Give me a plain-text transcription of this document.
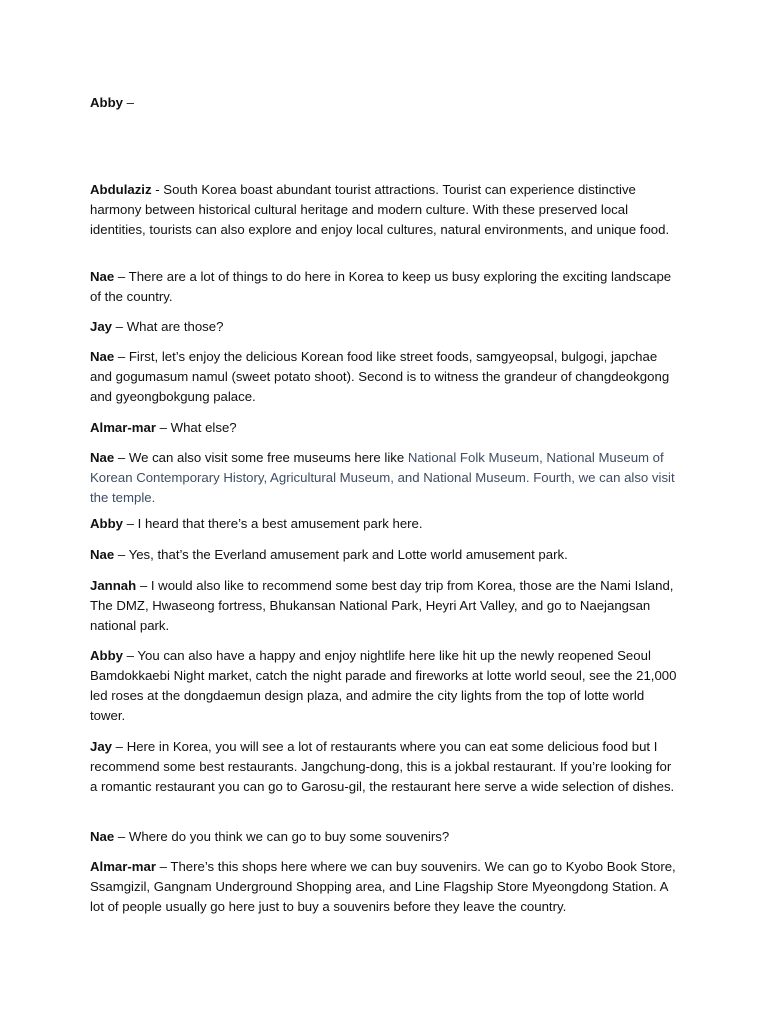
Abby –

Abdulaziz - South Korea boast abundant tourist attractions. Tourist can experience distinctive harmony between historical cultural heritage and modern culture. With these preserved local identities, tourists can also explore and enjoy local cultures, natural environments, and unique food.

Nae – There are a lot of things to do here in Korea to keep us busy exploring the exciting landscape of the country.

Jay – What are those?

Nae – First, let’s enjoy the delicious Korean food like street foods, samgyeopsal, bulgogi, japchae and gogumasum namul (sweet potato shoot). Second is to witness the grandeur of changdeokgong and gyeongbokgung palace.

Almar-mar – What else?

Nae – We can also visit some free museums here like National Folk Museum, National Museum of Korean Contemporary History, Agricultural Museum, and National Museum. Fourth, we can also visit the temple.

Abby – I heard that there’s a best amusement park here.

Nae – Yes, that’s the Everland amusement park and Lotte world amusement park.

Jannah – I would also like to recommend some best day trip from Korea, those are the Nami Island, The DMZ, Hwaseong fortress, Bhukansan National Park, Heyri Art Valley, and go to Naejangsan national park.

Abby – You can also have a happy and enjoy nightlife here like hit up the newly reopened Seoul Bamdokkaebi Night market, catch the night parade and fireworks at lotte world seoul, see the 21,000 led roses at the dongdaemun design plaza, and admire the city lights from the top of lotte world tower.

Jay – Here in Korea, you will see a lot of restaurants where you can eat some delicious food but I recommend some best restaurants. Jangchung-dong, this is a jokbal restaurant. If you’re looking for a romantic restaurant you can go to Garosu-gil, the restaurant here serve a wide selection of dishes.

Nae – Where do you think we can go to buy some souvenirs?

Almar-mar – There’s this shops here where we can buy souvenirs. We can go to Kyobo Book Store, Ssamgizil, Gangnam Underground Shopping area, and Line Flagship Store Myeongdong Station. A lot of people usually go here just to buy a souvenirs before they leave the country.
